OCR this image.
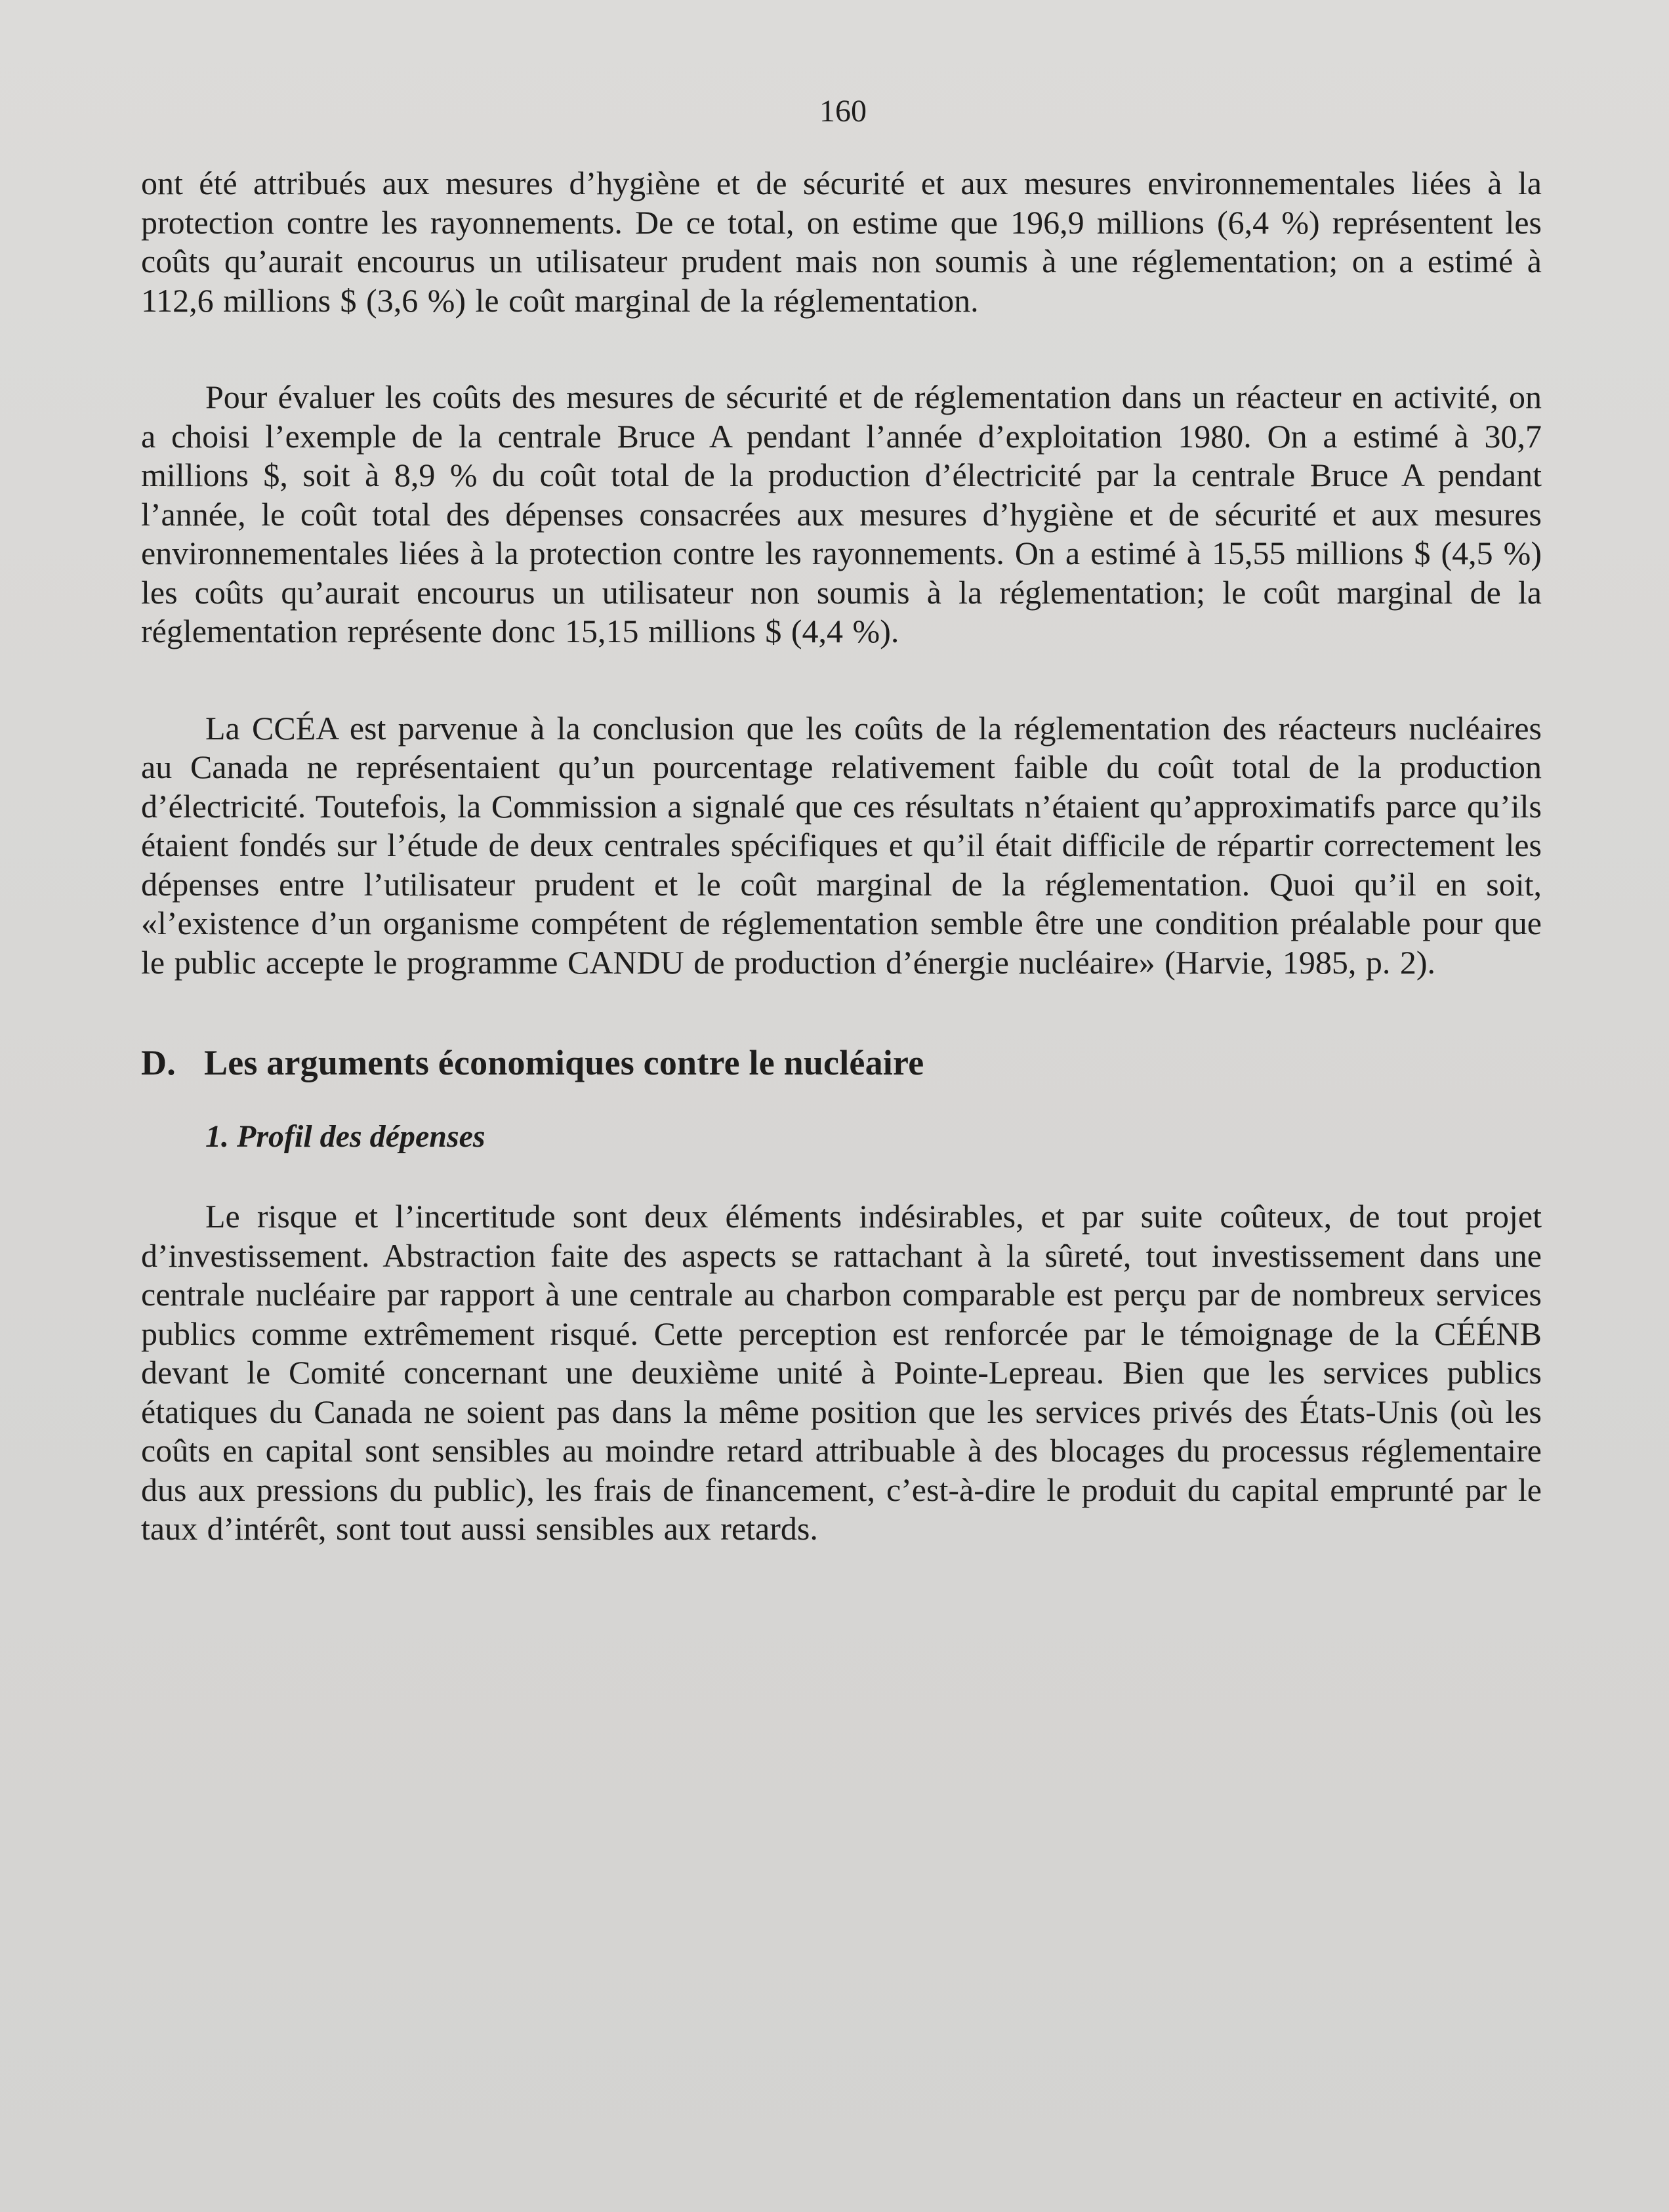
160

ont été attribués aux mesures d’hygiène et de sécurité et aux mesures environnementales liées à la protection contre les rayonnements. De ce total, on estime que 196,9 millions (6,4 %) représentent les coûts qu’aurait encourus un utilisateur prudent mais non soumis à une réglementation; on a estimé à 112,6 millions $ (3,6 %) le coût marginal de la réglementation.

Pour évaluer les coûts des mesures de sécurité et de réglementation dans un réacteur en activité, on a choisi l’exemple de la centrale Bruce A pendant l’année d’exploitation 1980. On a estimé à 30,7 millions $, soit à 8,9 % du coût total de la production d’électricité par la centrale Bruce A pendant l’année, le coût total des dépenses consacrées aux mesures d’hygiène et de sécurité et aux mesures environnementales liées à la protection contre les rayonnements. On a estimé à 15,55 millions $ (4,5 %) les coûts qu’aurait encourus un utilisateur non soumis à la réglementation; le coût marginal de la réglementation représente donc 15,15 millions $ (4,4 %).

La CCÉA est parvenue à la conclusion que les coûts de la réglementation des réacteurs nucléaires au Canada ne représentaient qu’un pourcentage relativement faible du coût total de la production d’électricité. Toutefois, la Commission a signalé que ces résultats n’étaient qu’approximatifs parce qu’ils étaient fondés sur l’étude de deux centrales spécifiques et qu’il était difficile de répartir correctement les dépenses entre l’utilisateur prudent et le coût marginal de la réglementation. Quoi qu’il en soit, «l’existence d’un organisme compétent de réglementation semble être une condition préalable pour que le public accepte le programme CANDU de production d’énergie nucléaire» (Harvie, 1985, p. 2).

D. Les arguments économiques contre le nucléaire
1. Profil des dépenses

Le risque et l’incertitude sont deux éléments indésirables, et par suite coûteux, de tout projet d’investissement. Abstraction faite des aspects se rattachant à la sûreté, tout investissement dans une centrale nucléaire par rapport à une centrale au charbon comparable est perçu par de nombreux services publics comme extrêmement risqué. Cette perception est renforcée par le témoignage de la CÉÉNB devant le Comité concernant une deuxième unité à Pointe-Lepreau. Bien que les services publics étatiques du Canada ne soient pas dans la même position que les services privés des États-Unis (où les coûts en capital sont sensibles au moindre retard attribuable à des blocages du processus réglementaire dus aux pressions du public), les frais de financement, c’est-à-dire le produit du capital emprunté par le taux d’intérêt, sont tout aussi sensibles aux retards.
